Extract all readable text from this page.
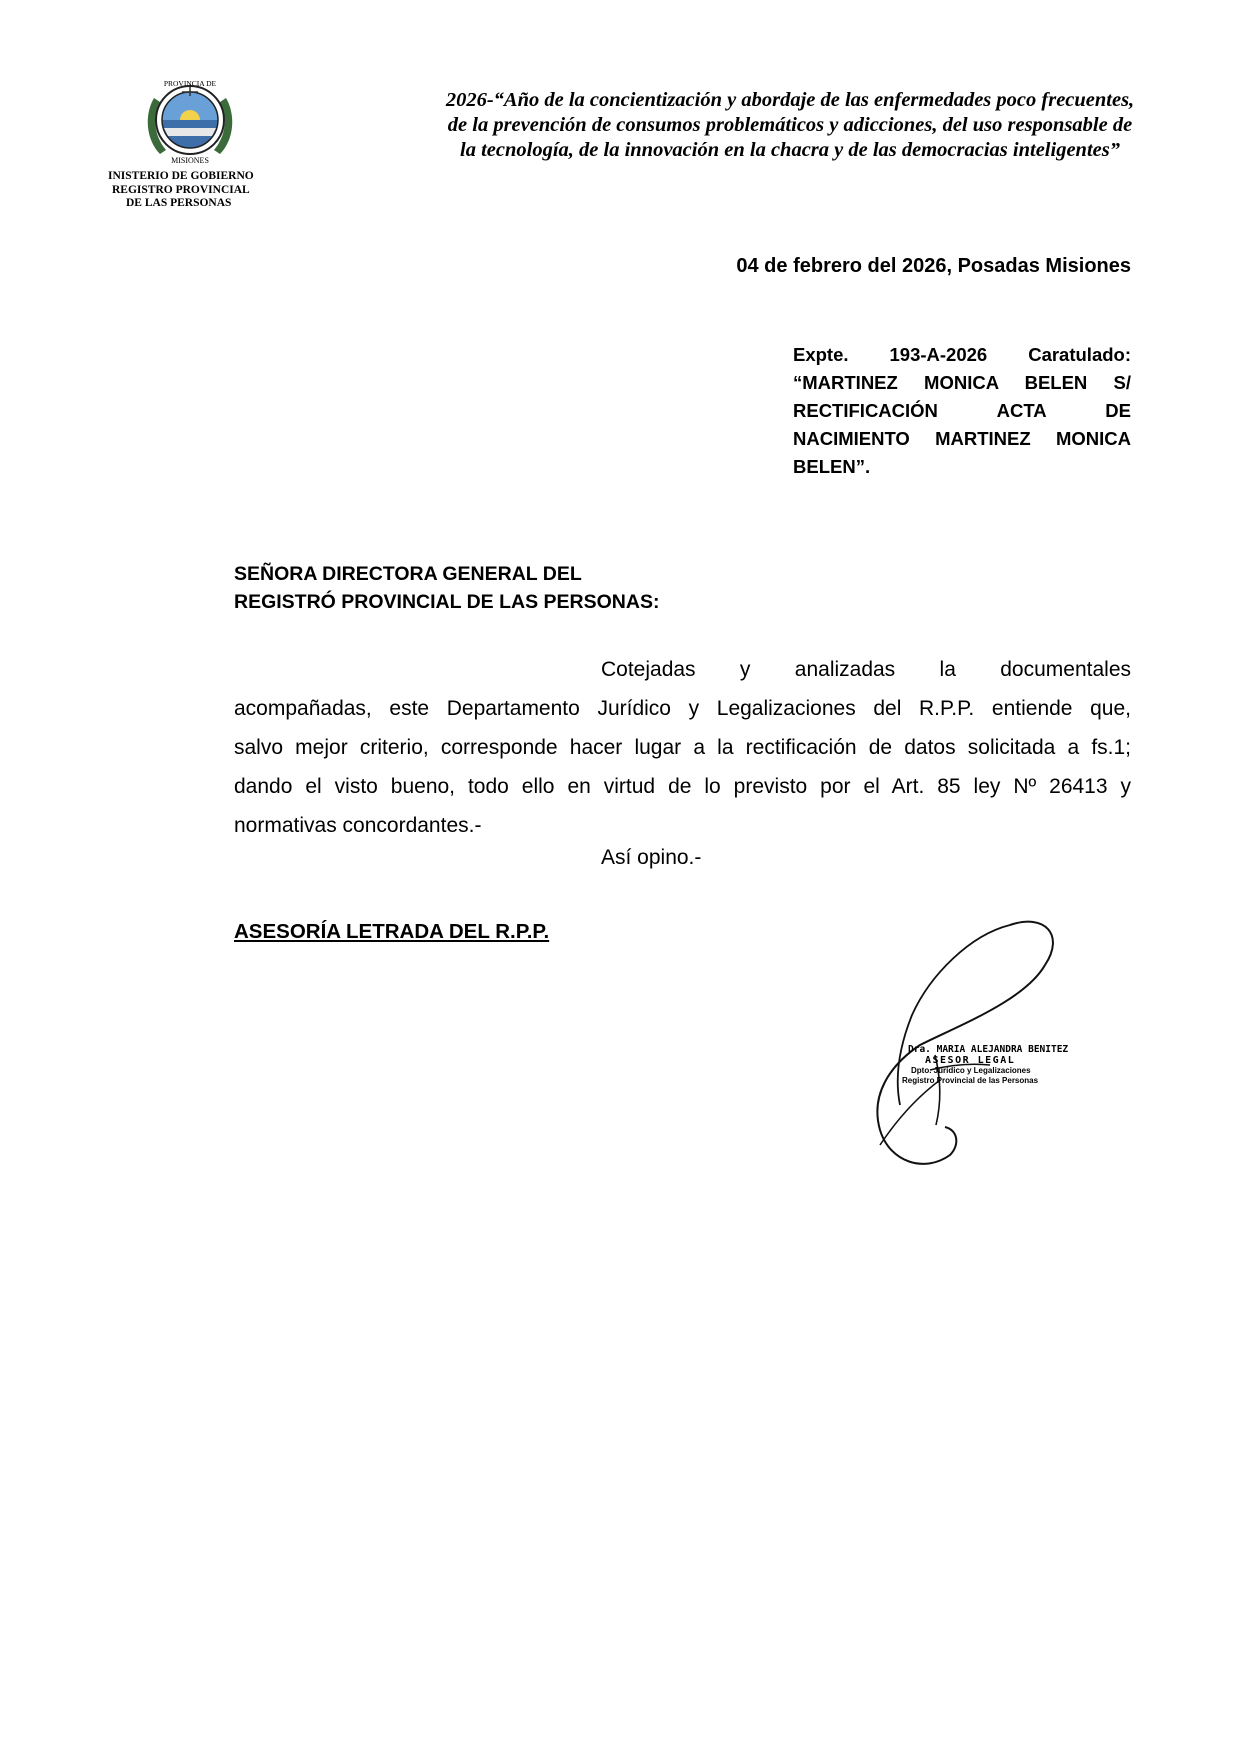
PROVINCIA DE
MISIONES
INISTERIO DE GOBIERNO
REGISTRO PROVINCIAL
DE LAS PERSONAS
2026-“Año de la concientización y abordaje de las enfermedades poco frecuentes,
de la prevención de consumos problemáticos y adicciones, del uso responsable de
la tecnología, de la innovación en la chacra y de las democracias inteligentes”
04 de febrero del 2026, Posadas Misiones
Expte. 193-A-2026 Caratulado:
“MARTINEZ MONICA BELEN S/
RECTIFICACIÓN ACTA DE
NACIMIENTO MARTINEZ MONICA
BELEN”.
SEÑORA DIRECTORA GENERAL DEL
REGISTRÓ PROVINCIAL DE LAS PERSONAS:
Cotejadas y analizadas la documentales
acompañadas, este Departamento Jurídico y Legalizaciones del R.P.P. entiende que,
salvo mejor criterio, corresponde hacer lugar a la rectificación de datos solicitada a fs.1;
dando el visto bueno, todo ello en virtud de lo previsto por el Art. 85 ley Nº 26413 y
normativas concordantes.-
Así opino.-
ASESORÍA LETRADA DEL R.P.P.
Dra. MARIA ALEJANDRA BENITEZ
ASESOR LEGAL
Dpto. Jurídico y Legalizaciones
Registro Provincial de las Personas
